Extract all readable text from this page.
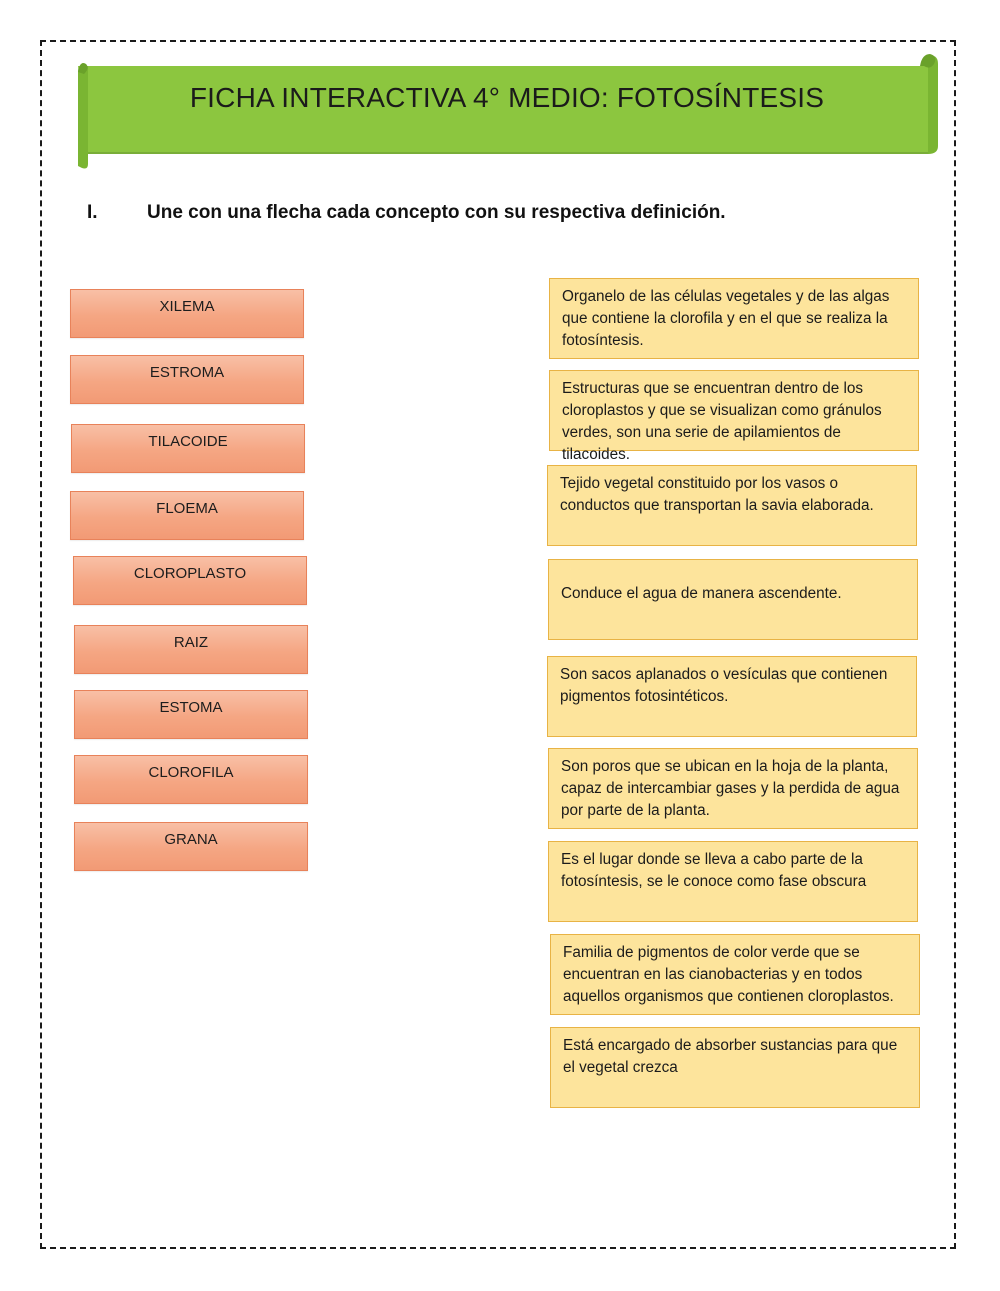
FICHA INTERACTIVA 4° MEDIO: FOTOSÍNTESIS
I.	Une con una flecha cada concepto con su respectiva definición.
XILEMA
ESTROMA
TILACOIDE
FLOEMA
CLOROPLASTO
RAIZ
ESTOMA
CLOROFILA
GRANA
Organelo de las células vegetales y de las algas que contiene la clorofila y en el que se realiza la fotosíntesis.
Estructuras que se encuentran dentro de los cloroplastos y que se visualizan como gránulos verdes, son una serie de apilamientos de tilacoides.
Tejido vegetal constituido por los vasos o conductos que transportan la savia elaborada.
Conduce el agua de manera ascendente.
Son sacos aplanados o vesículas que contienen pigmentos fotosintéticos.
Son poros que se ubican en la hoja de la planta, capaz de intercambiar gases y la perdida de agua por parte de la planta.
Es el lugar donde se lleva a cabo parte de la fotosíntesis, se le conoce como fase obscura
Familia de pigmentos de color verde que se encuentran en las cianobacterias y en todos aquellos organismos que contienen cloroplastos.
Está encargado de absorber sustancias para que el vegetal crezca
